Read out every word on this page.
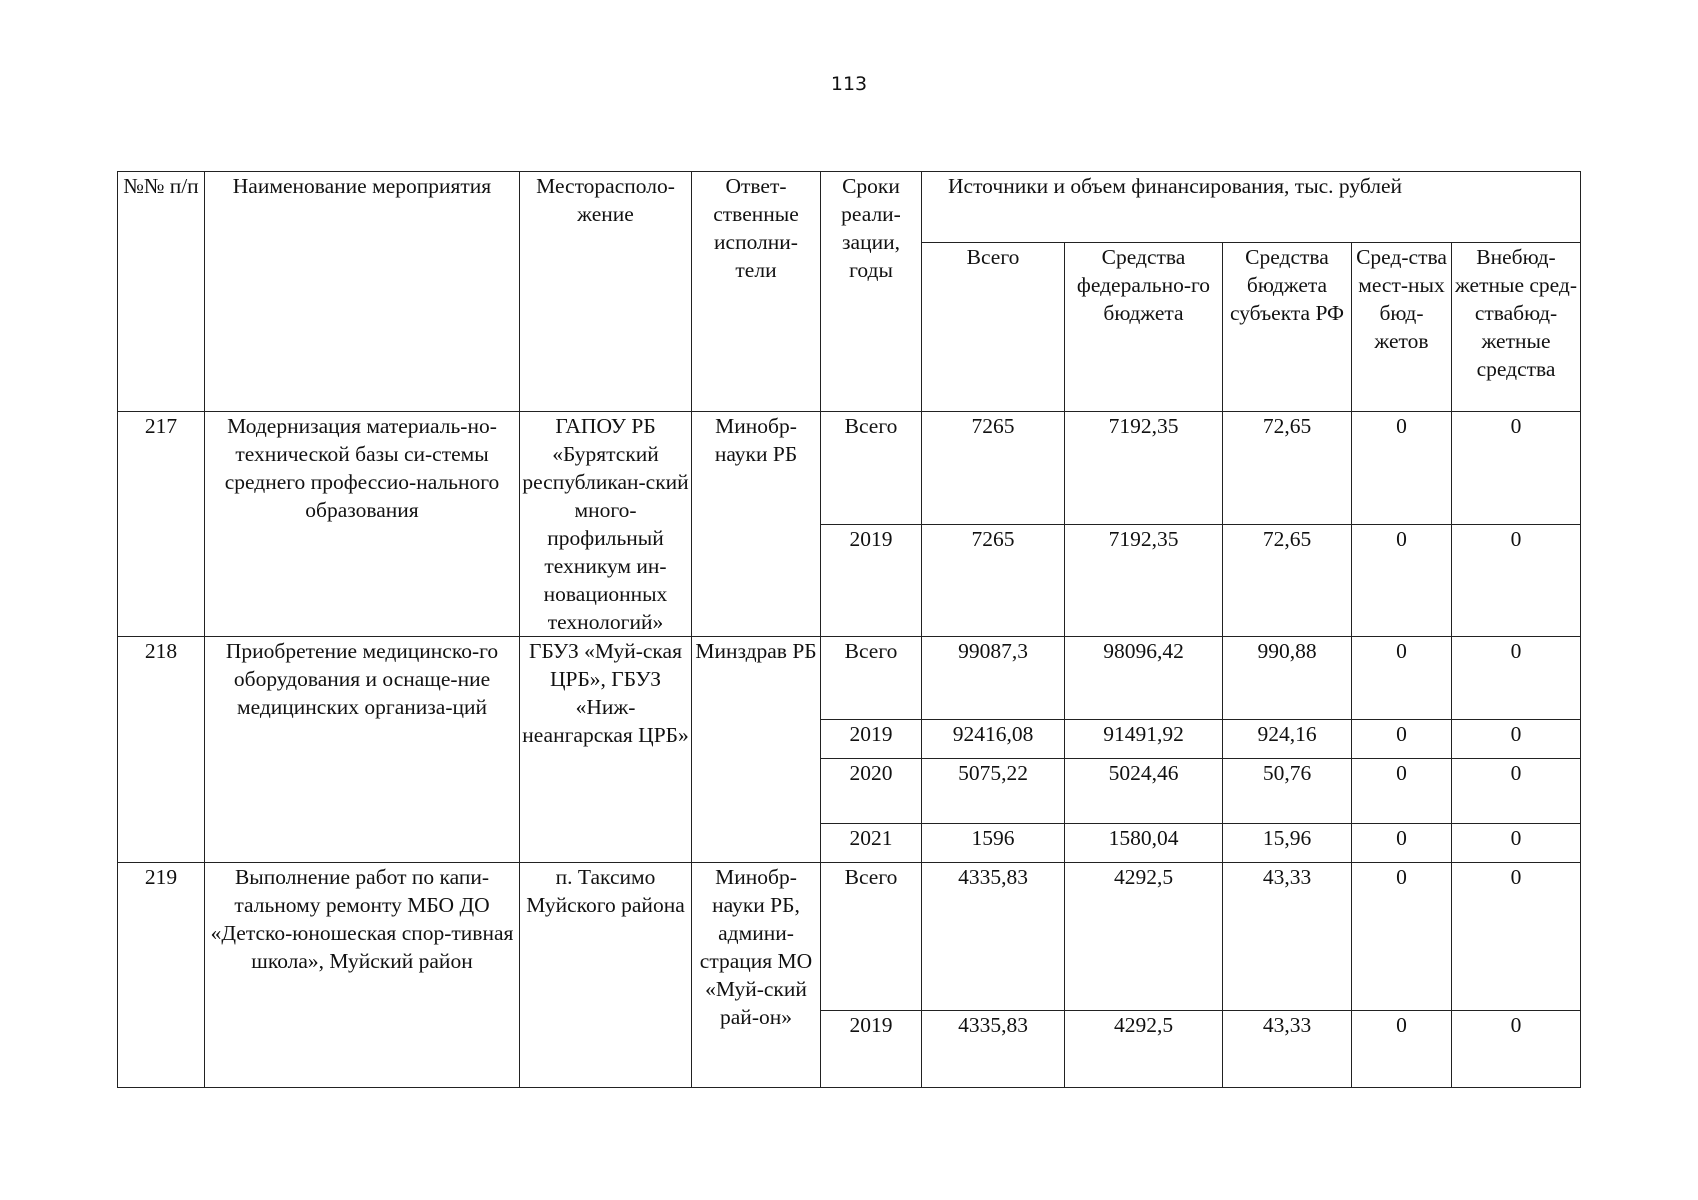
113
№№ п/п	Наименование мероприятия	Месторасполо-жение	Ответ-ственные исполни-тели	Сроки реали-зации, годы	Источники и объем финансирования, тыс. рублей				
					Всего	Средства федерально-го бюджета	Средства бюджета субъекта РФ	Сред-ства мест-ных бюд-жетов	Внебюд-жетные сред-ствабюд-жетные средства
217	Модернизация материаль-но-технической базы си-стемы среднего профессио-нального образования	ГАПОУ РБ «Бурятский республикан-ский много-профильный техникум ин-новационных технологий»	Минобр-науки РБ	Всего	7265	7192,35	72,65	0	0
				2019	7265	7192,35	72,65	0	0
218	Приобретение медицинско-го оборудования и оснаще-ние медицинских организа-ций	ГБУЗ «Муй-ская ЦРБ», ГБУЗ «Ниж-неангарская ЦРБ»	Минздрав РБ	Всего	99087,3	98096,42	990,88	0	0
				2019	92416,08	91491,92	924,16	0	0
				2020	5075,22	5024,46	50,76	0	0
				2021	1596	1580,04	15,96	0	0
219	Выполнение работ по капи-тальному ремонту МБО ДО «Детско-юношеская спор-тивная школа», Муйский район	п. Таксимо Муйского района	Минобр-науки РБ, админи-страция МО «Муй-ский рай-он»	Всего	4335,83	4292,5	43,33	0	0
				2019	4335,83	4292,5	43,33	0	0
